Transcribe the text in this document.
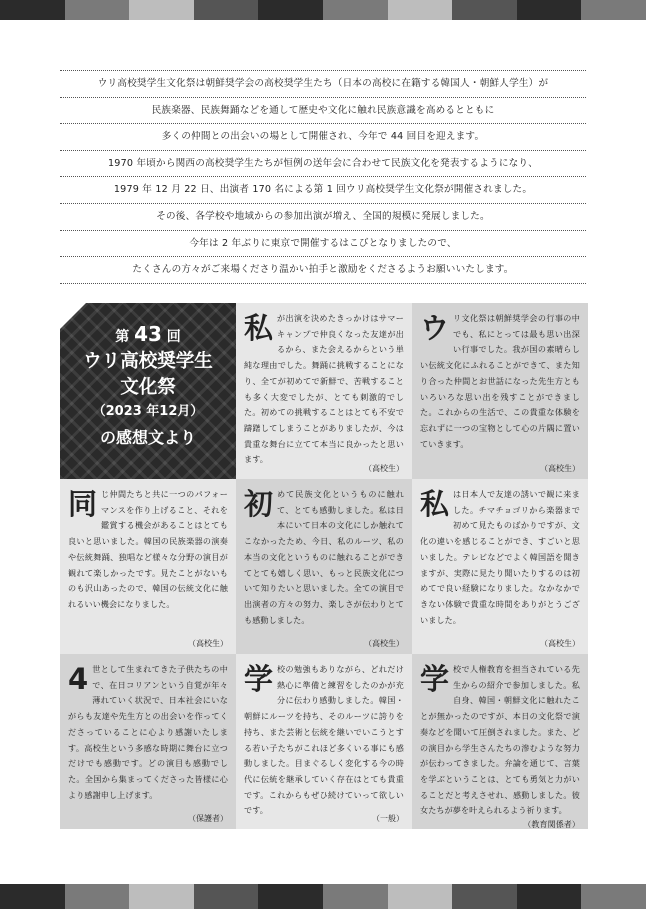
ウリ高校奨学生文化祭は朝鮮奨学会の高校奨学生たち（日本の高校に在籍する韓国人・朝鮮人学生）が
民族楽器、民族舞踊などを通して歴史や文化に触れ民族意識を高めるとともに
多くの仲間との出会いの場として開催され、今年で 44 回目を迎えます。
1970 年頃から関西の高校奨学生たちが恒例の送年会に合わせて民族文化を発表するようになり、
1979 年 12 月 22 日、出演者 170 名による第 1 回ウリ高校奨学生文化祭が開催されました。
その後、各学校や地域からの参加出演が増え、全国的規模に発展しました。
今年は 2 年ぶりに東京で開催するはこびとなりましたので、
たくさんの方々がご来場くださり温かい拍手と激励をくださるようお願いいたします。
第 43 回
ウリ高校奨学生
文化祭
（2023 年12月）
の感想文より
私 が出演を決めたきっかけはサマーキャンプで仲良くなった友達が出るから、また会えるからという単純な理由でした。舞踊に挑戦することになり、全てが初めてで新鮮で、苦戦することも多く大変でしたが、とても刺激的でした。初めての挑戦することはとても不安で躊躇してしまうことがありましたが、今は貴重な舞台に立てて本当に良かったと思います。

（高校生）
ウ リ文化祭は朝鮮奨学会の行事の中でも、私にとっては最も思い出深い行事でした。我が国の素晴らしい伝統文化にふれることができて、また知り合った仲間とお世話になった先生方ともいろいろな思い出を残すことができました。これからの生活で、この貴重な体験を忘れずに一つの宝物として心の片隅に置いていきます。

（高校生）
同 じ仲間たちと共に一つのパフォーマンスを作り上げること、それを鑑賞する機会があることはとても良いと思いました。韓国の民族楽器の演奏や伝統舞踊、独唱など様々な分野の演目が観れて楽しかったです。見たことがないものも沢山あったので、韓国の伝統文化に触れるいい機会になりました。

（高校生）
初 めて民族文化というものに触れて、とても感動しました。私は日本にいて日本の文化にしか触れてこなかったため、今日、私のルーツ、私の本当の文化というものに触れることができてとても嬉しく思い、もっと民族文化について知りたいと思いました。全ての演目で出演者の方々の努力、楽しさが伝わりとても感動しました。

（高校生）
私 は日本人で友達の誘いで観に来ました。チマチョゴリから楽器まで初めて見たものばかりですが、文化の違いを感じることができ、すごいと思いました。テレビなどでよく韓国語を聞きますが、実際に見たり聞いたりするのは初めてで良い経験になりました。なかなかできない体験で貴重な時間をありがとうございました。

（高校生）
4 世として生まれてきた子供たちの中で、在日コリアンという自覚が年々薄れていく状況で、日本社会にいながらも友達や先生方との出会いを作ってくださっていることに心より感謝いたします。高校生という多感な時期に舞台に立つだけでも感動です。どの演目も感動でした。全国から集まってくださった皆様に心より感謝申し上げます。

（保護者）
学 校の勉強もありながら、どれだけ熱心に準備と練習をしたのかが充分に伝わり感動しました。韓国・朝鮮にルーツを持ち、そのルーツに誇りを持ち、また芸術と伝統を継いでいこうとする若い子たちがこれほど多くいる事にも感動しました。目まぐるしく変化する今の時代に伝統を継承していく存在はとても貴重です。これからもぜひ続けていって欲しいです。

（一般）
学 校で人権教育を担当されている先生からの紹介で参加しました。私自身、韓国・朝鮮文化に触れたことが無かったのですが、本日の文化祭で演奏などを聞いて圧倒されました。また、どの演目から学生さんたちの滲むような努力が伝わってきました。弁論を通じて、言葉を学ぶということは、とても勇気と力がいることだと考えさせれ、感動しました。彼女たちが夢を叶えられるよう祈ります。
（教育関係者）
